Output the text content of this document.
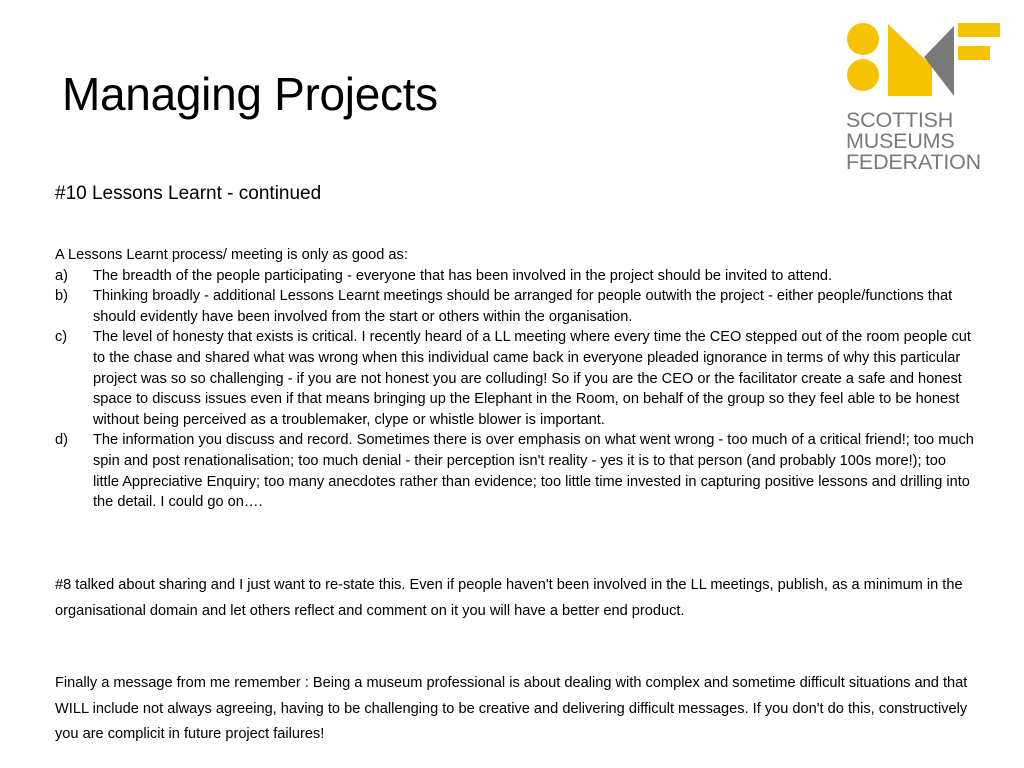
Managing Projects	SCOTTISH
MUSEUMS
FEDERATION
#10 Lessons Learnt - continued

A Lessons Learnt process/ meeting is only as good as:

a) The breadth of the people participating - everyone that has been involved in the project should be invited to attend.
b) Thinking broadly - additional Lessons Learnt meetings should be arranged for people outwith the project - either people/functions that should evidently have been involved from the start or others within the organisation.
c) The level of honesty that exists is critical. I recently heard of a LL meeting where every time the CEO stepped out of the room people cut to the chase and shared what was wrong when this individual came back in everyone pleaded ignorance in terms of why this particular project was so so challenging - if you are not honest you are colluding! So if you are the CEO or the facilitator create a safe and honest space to discuss issues even if that means bringing up the Elephant in the Room, on behalf of the group so they feel able to be honest without being perceived as a troublemaker, clype or whistle blower is important.
d) The information you discuss and record. Sometimes there is over emphasis on what went wrong - too much of a critical friend!; too much spin and post renationalisation; too much denial - their perception isn't reality - yes it is to that person (and probably 100s more!); too little Appreciative Enquiry; too many anecdotes rather than evidence; too little time invested in capturing positive lessons and drilling into the detail. I could go on….

#8 talked about sharing and I just want to re-state this. Even if people haven't been involved in the LL meetings, publish, as a minimum in the organisational domain and let others reflect and comment on it you will have a better end product.

Finally a message from me remember : Being a museum professional is about dealing with complex and sometime difficult situations and that WILL include not always agreeing, having to be challenging to be creative and delivering difficult messages. If you don't do this, constructively you are complicit in future project failures!
